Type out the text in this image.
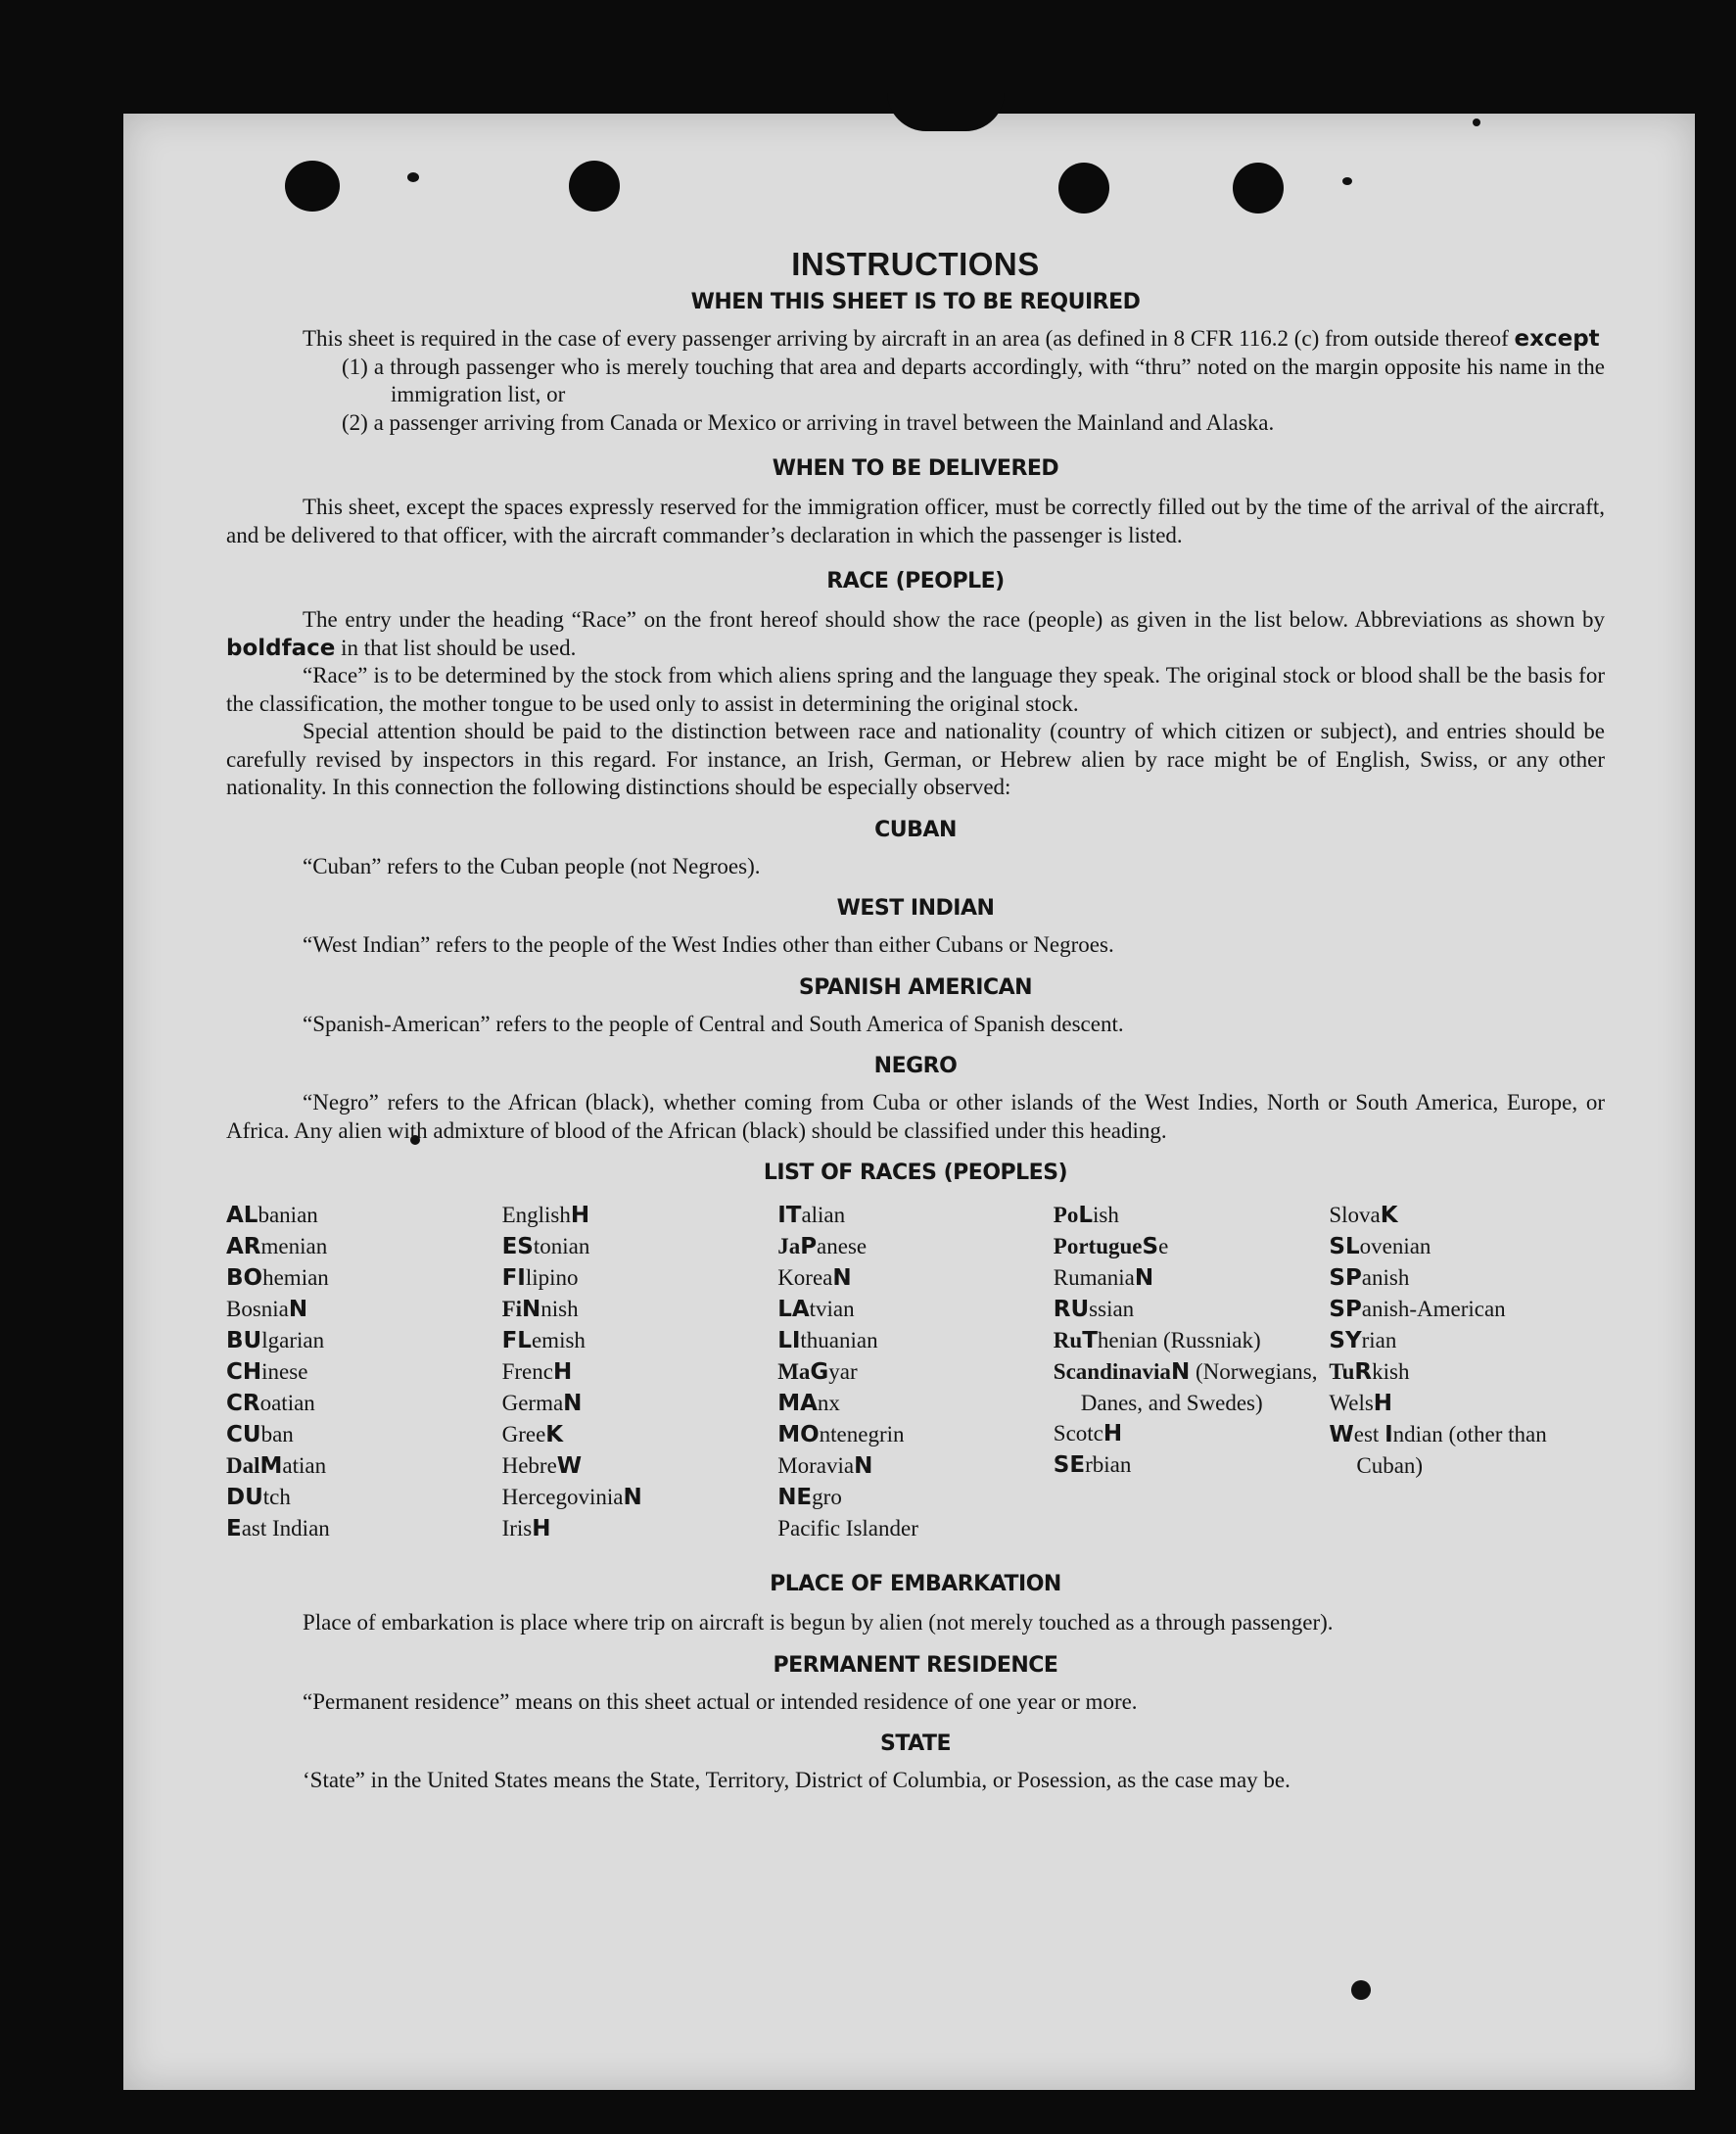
INSTRUCTIONS
WHEN THIS SHEET IS TO BE REQUIRED

This sheet is required in the case of every passenger arriving by aircraft in an area (as defined in 8 CFR 116.2 (c) from outside thereof except

(1) a through passenger who is merely touching that area and departs accordingly, with “thru” noted on the margin opposite his name in the immigration list, or

(2) a passenger arriving from Canada or Mexico or arriving in travel between the Mainland and Alaska.

WHEN TO BE DELIVERED

This sheet, except the spaces expressly reserved for the immigration officer, must be correctly filled out by the time of the arrival of the aircraft, and be delivered to that officer, with the aircraft commander’s declaration in which the passenger is listed.

RACE (PEOPLE)

The entry under the heading “Race” on the front hereof should show the race (people) as given in the list below. Abbreviations as shown by boldface in that list should be used.

“Race” is to be determined by the stock from which aliens spring and the language they speak. The original stock or blood shall be the basis for the classification, the mother tongue to be used only to assist in determining the original stock.

Special attention should be paid to the distinction between race and nationality (country of which citizen or subject), and entries should be carefully revised by inspectors in this regard. For instance, an Irish, German, or Hebrew alien by race might be of English, Swiss, or any other nationality. In this connection the following distinctions should be especially observed:

CUBAN

“Cuban” refers to the Cuban people (not Negroes).

WEST INDIAN

“West Indian” refers to the people of the West Indies other than either Cubans or Negroes.

SPANISH AMERICAN

“Spanish-American” refers to the people of Central and South America of Spanish descent.

NEGRO

“Negro” refers to the African (black), whether coming from Cuba or other islands of the West Indies, North or South America, Europe, or Africa. Any alien with admixture of blood of the African (black) should be classified under this heading.

LIST OF RACES (PEOPLES)
ALbanian
ARmenian
BOhemian
BosniaN
BUlgarian
CHinese
CRoatian
CUban
DalMatian
DUtch
East Indian
EnglishH
EStonian
FIlipino
FiNnish
FLemish
FrencH
GermaN
GreeK
HebreW
HercegoviniaN
IrisH
ITalian
JaPanese
KoreaN
LAtvian
LIthuanian
MaGyar
MAnx
MOntenegrin
MoraviaN
NEgro
Pacific Islander
PoLish
PortugueSe
RumaniaN
RUssian
RuThenian (Russniak)
ScandinaviaN (Norwegians, Danes, and Swedes)
ScotcH
SErbian
SlovaK
SLovenian
SPanish
SPanish-American
SYrian
TuRkish
WelsH
West Indian (other than Cuban)
PLACE OF EMBARKATION

Place of embarkation is place where trip on aircraft is begun by alien (not merely touched as a through passenger).

PERMANENT RESIDENCE

“Permanent residence” means on this sheet actual or intended residence of one year or more.

STATE

‘State” in the United States means the State, Territory, District of Columbia, or Posession, as the case may be.
